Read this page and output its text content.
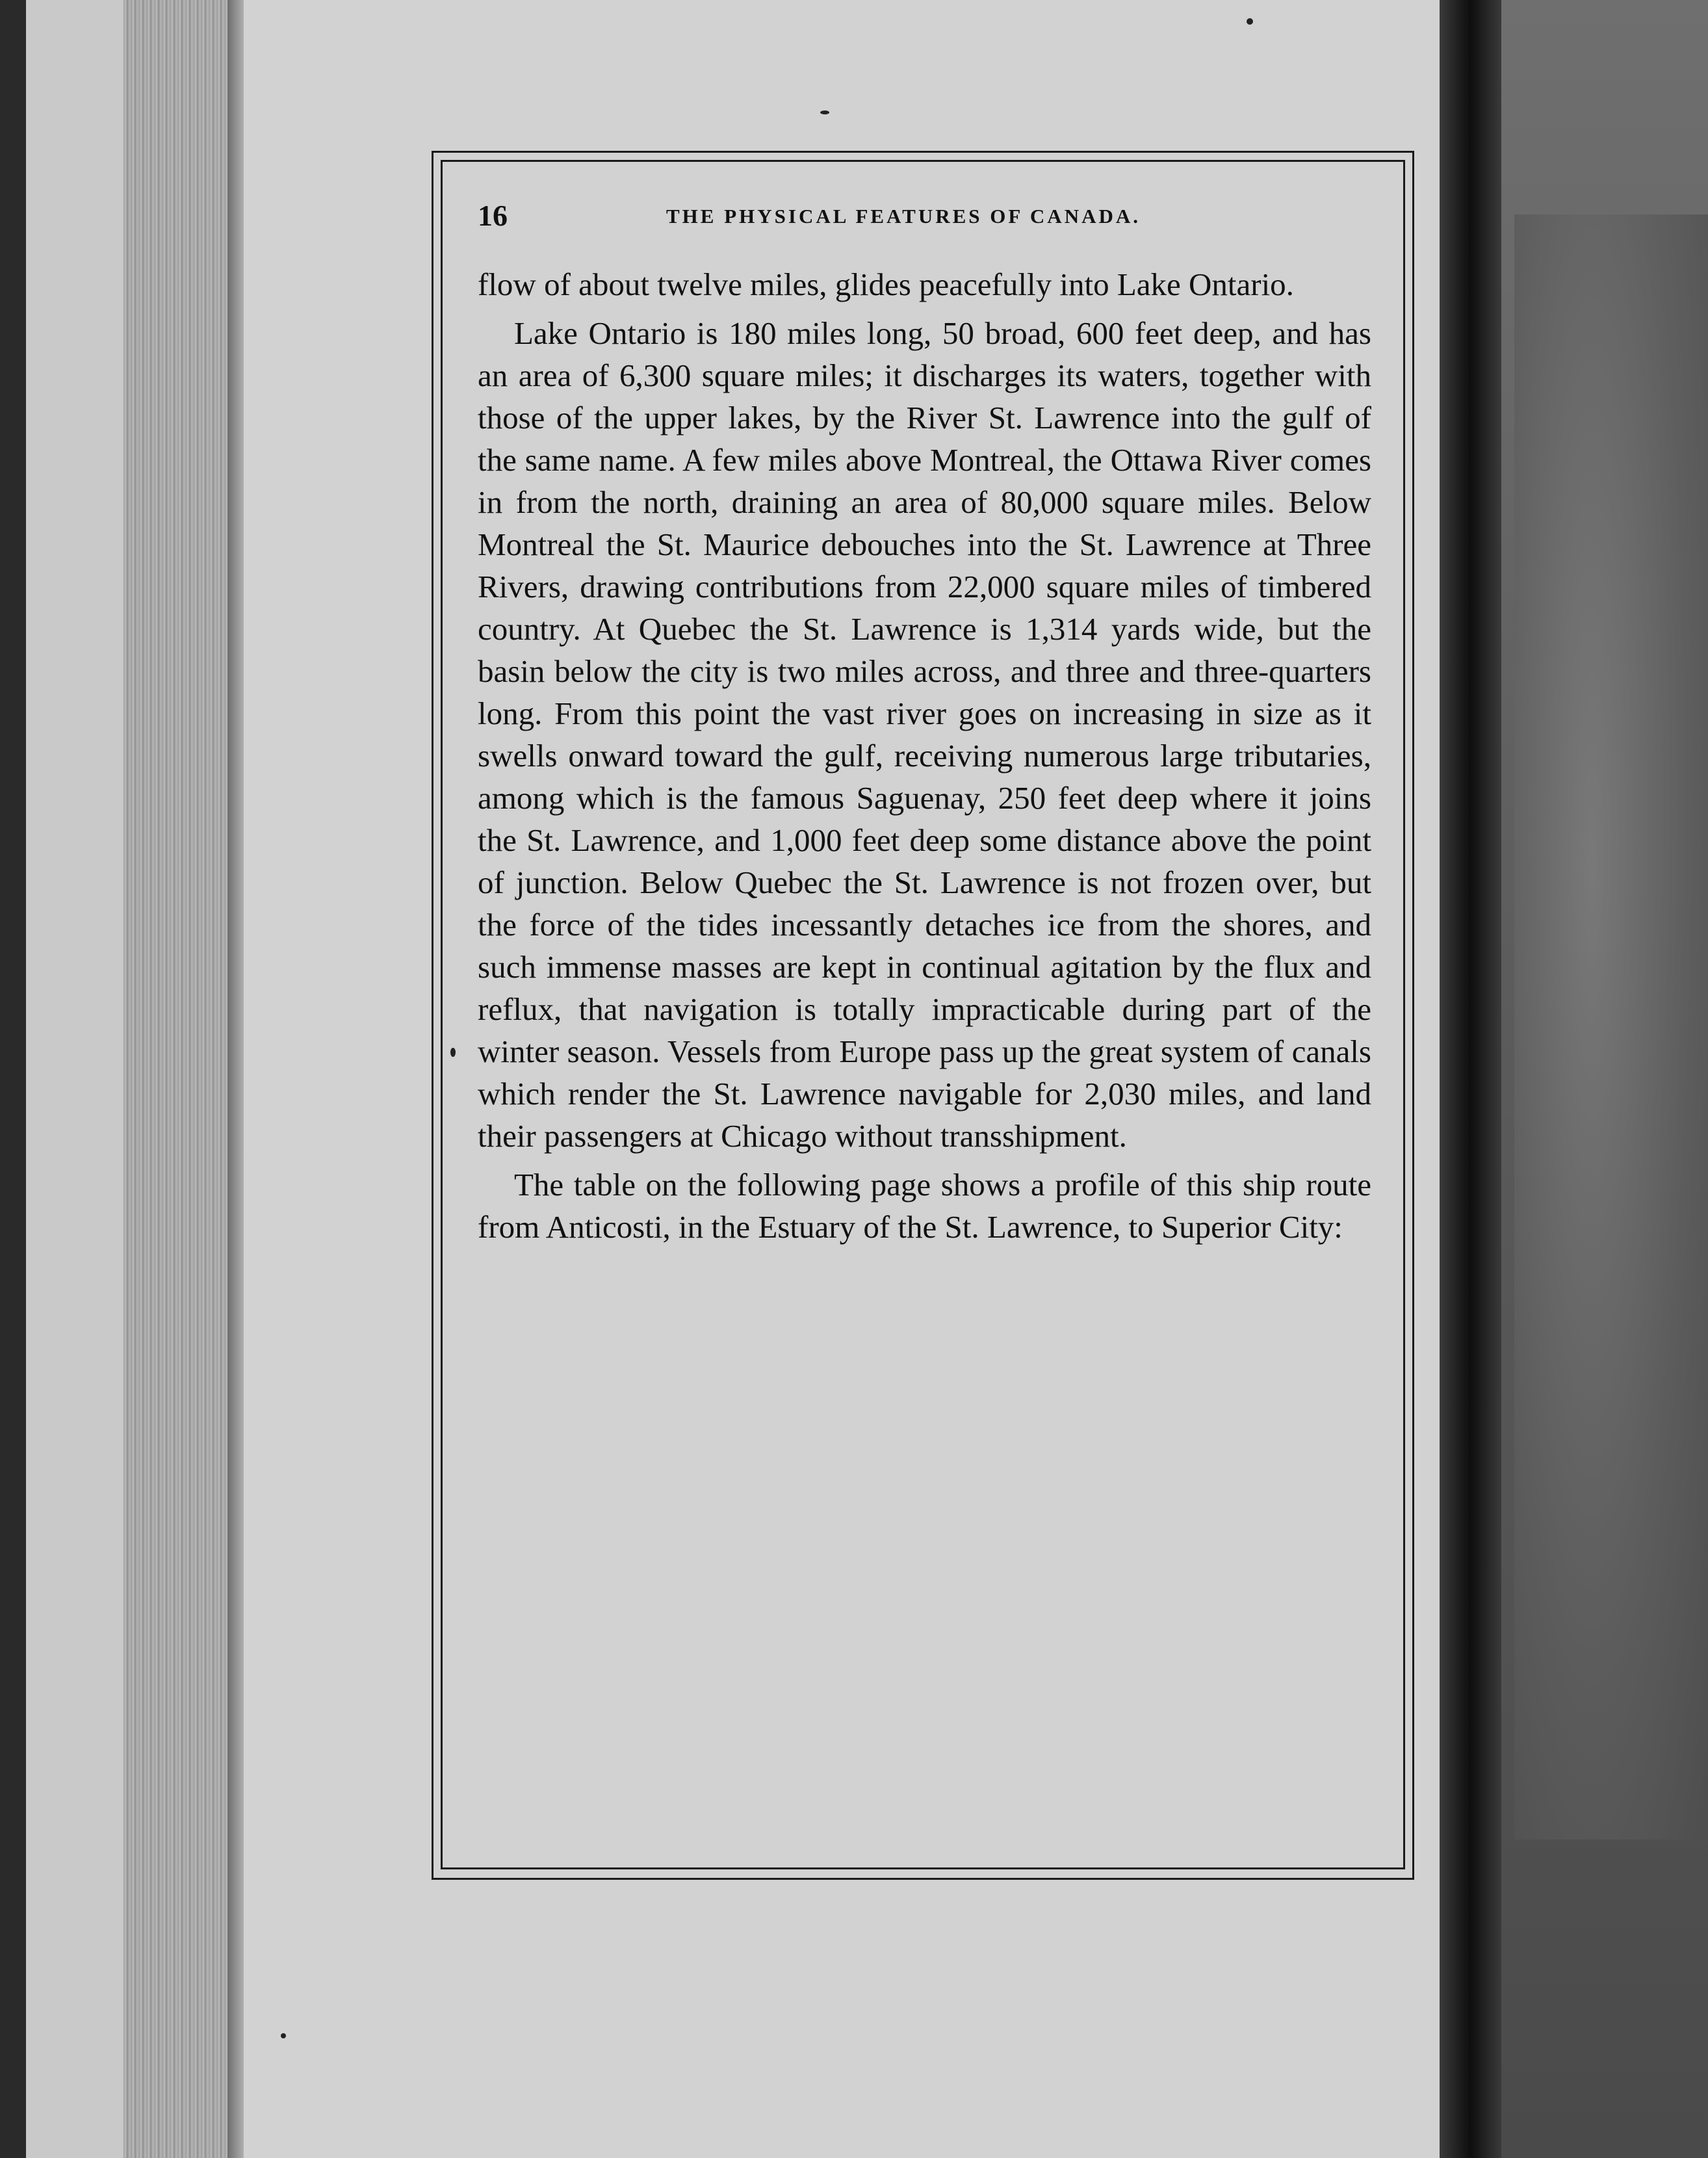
16	THE PHYSICAL FEATURES OF CANADA.

flow of about twelve miles, glides peacefully into Lake Ontario.

Lake Ontario is 180 miles long, 50 broad, 600 feet deep, and has an area of 6,300 square miles; it discharges its waters, together with those of the upper lakes, by the River St. Lawrence into the gulf of the same name. A few miles above Montreal, the Ottawa River comes in from the north, draining an area of 80,000 square miles. Below Montreal the St. Maurice debouches into the St. Lawrence at Three Rivers, drawing contributions from 22,000 square miles of timbered country. At Quebec the St. Lawrence is 1,314 yards wide, but the basin below the city is two miles across, and three and three-quarters long. From this point the vast river goes on increasing in size as it swells onward toward the gulf, receiving numerous large tributaries, among which is the famous Saguenay, 250 feet deep where it joins the St. Lawrence, and 1,000 feet deep some distance above the point of junction. Below Quebec the St. Lawrence is not frozen over, but the force of the tides incessantly detaches ice from the shores, and such immense masses are kept in continual agitation by the flux and reflux, that navigation is totally impracticable during part of the winter season. Vessels from Europe pass up the great system of canals which render the St. Lawrence navigable for 2,030 miles, and land their passengers at Chicago without transshipment.

The table on the following page shows a profile of this ship route from Anticosti, in the Estuary of the St. Lawrence, to Superior City:
